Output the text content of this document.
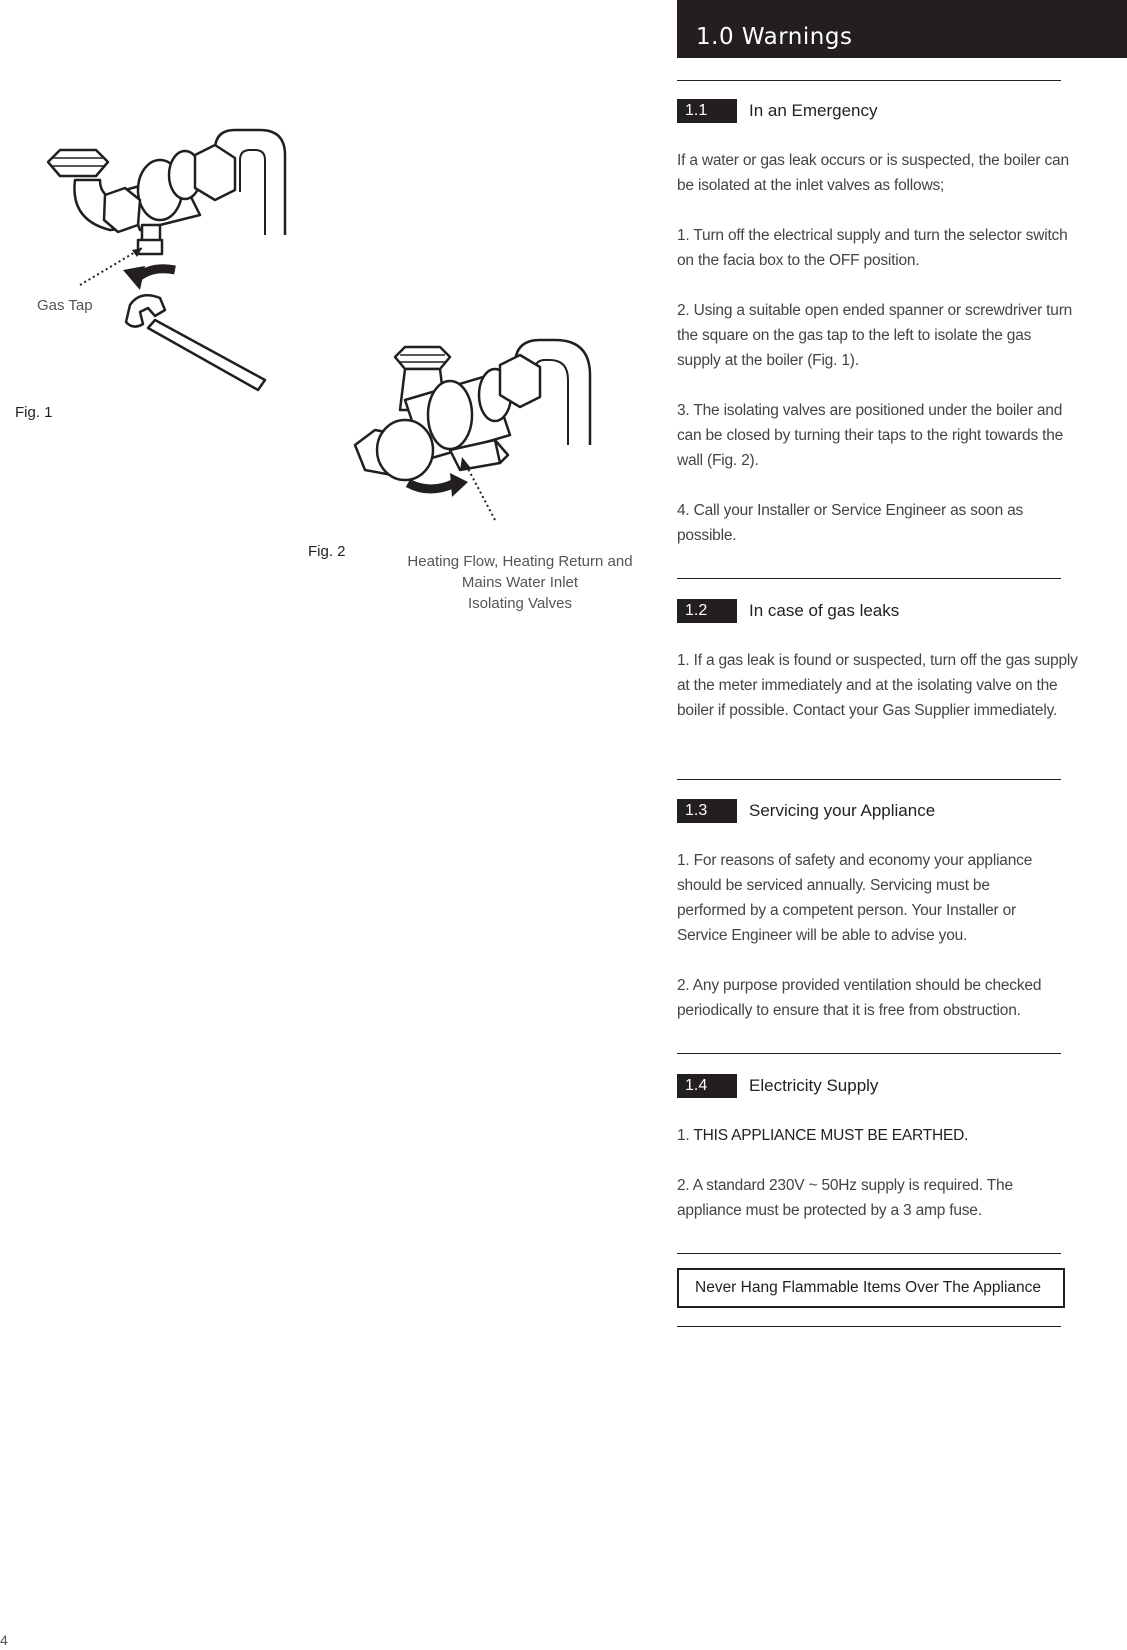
1.0 Warnings
Gas Tap
Fig. 1
Fig. 2
Heating Flow, Heating Return and
Mains Water Inlet
Isolating Valves
1.1	In an Emergency
If a water or gas leak occurs or is suspected, the boiler can be isolated at the inlet valves as follows;
1. Turn off the electrical supply and turn the selector switch on the facia box to the OFF position.
2. Using a suitable open ended spanner or screwdriver turn the square on the gas tap to the left to isolate the gas supply at the boiler (Fig. 1).
3. The isolating valves are positioned under the boiler and can be closed by turning their taps to the right towards the wall (Fig. 2).
4. Call your Installer or Service Engineer as soon as possible.
1.2	In case of gas leaks
1. If a gas leak is found or suspected, turn off the gas supply at the meter immediately and at the isolating valve on the boiler if possible. Contact your Gas Supplier immediately.
1.3	Servicing your Appliance
1. For reasons of safety and economy your appliance should be serviced annually. Servicing must be performed by a competent person. Your Installer or Service Engineer will be able to advise you.
2. Any purpose provided ventilation should be checked periodically to ensure that it is free from obstruction.
1.4	Electricity Supply
1. THIS APPLIANCE MUST BE EARTHED.
2. A standard 230V ~ 50Hz supply is required. The appliance must be protected by a 3 amp fuse.
Never Hang Flammable Items Over The Appliance
4
